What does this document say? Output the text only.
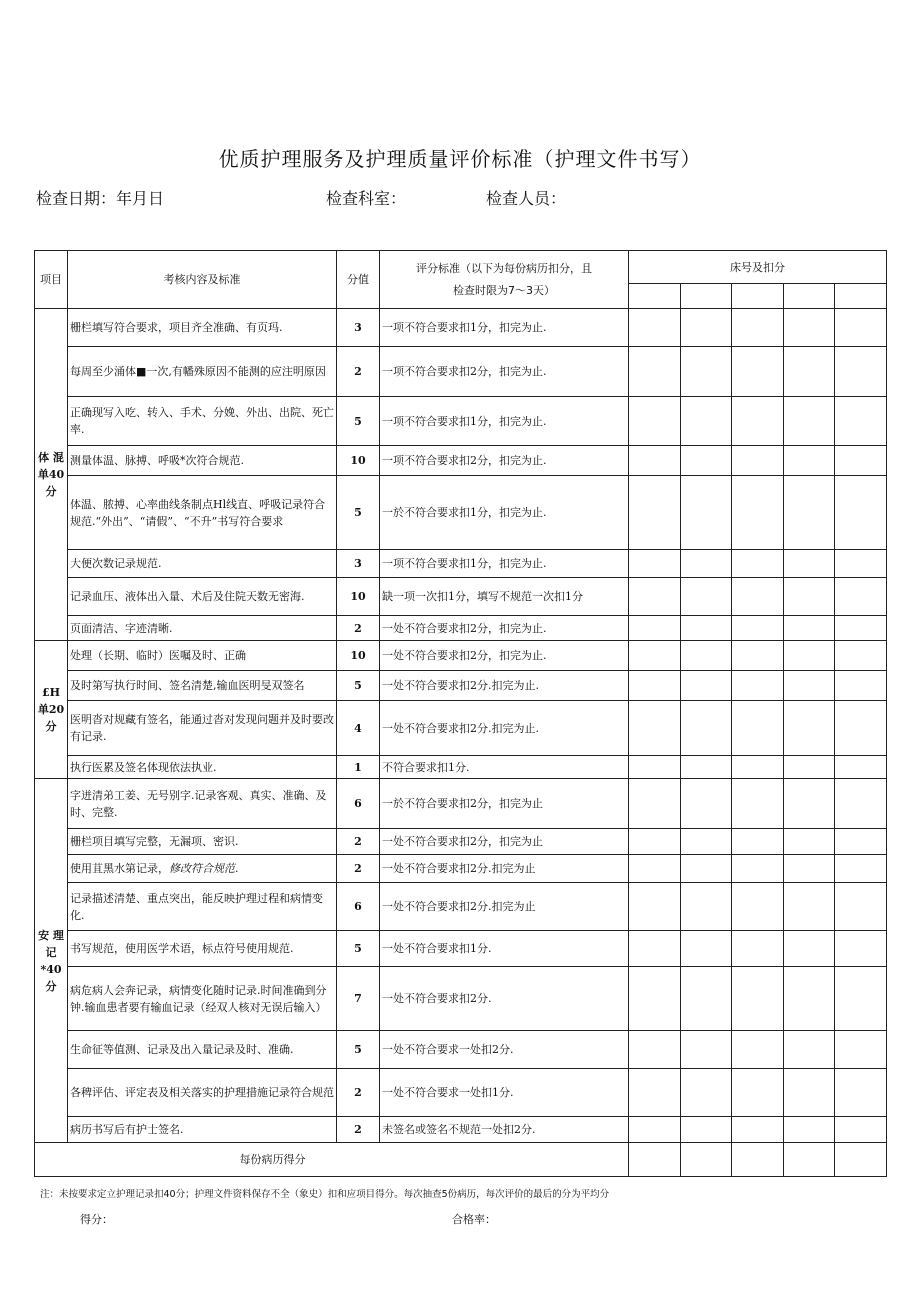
优质护理服务及护理质量评价标准（护理文件书写）
检查日期：年月日	检查科室：	检查人员：
项目	考核内容及标准	分值	评分标准（以下为每份病历扣分，且
检查时限为7～3天）	床号及扣分				

体 混单40分	栅栏填写符合要求，项目齐全准确、有页玛.	3	一项不符合要求扣1分，扣完为止.					
	每周至少涌体■一次,有幡殊原因不能测的应注明原因	2	一项不符合要求扣2分，扣完为止.					
	正确现写入吃、转入、手术、分娩、外出、出院、死亡率.	5	一项不符合要求扣1分，扣完为止.					
	测量体温、脉搏、呼吸*次符合规范.	10	一项不符合要求扣2分，扣完为止.					
	体温、脓搏、心率曲线条制点Hl线直、呼吸记录符合规范.“外出”、“请假”、“不升”书写符合要求	5	一於不符合要求扣1分，扣完为止.					
	大便次数记录规范.	3	一项不符合要求扣1分，扣完为止.					
	记录血压、液体出入量、术后及住院天数无密海.	10	缺一项一次扣1分，填写不规范一次扣1分					
	页面清洁、字迹清晰.	2	一处不符合要求扣2分，扣完为止.					
£H单20分	处理（长期、临时）医嘱及时、正确	10	一处不符合要求扣2分，扣完为止.					
	及时第写执行时间、签名清楚,输血医明旻双签名	5	一处不符合要求扣2分.扣完为止.					
	医明沓对规藏有签名，能通过沓对发现问题并及时要改有记录.	4	一处不符合要求扣2分.扣完为止.					
	执行医累及签名体现依法执业.	1	不符合要求扣1分.					
安 理记*40分	字迸清弟工姜、无号别字.记录客观、真实、准确、及时、完整.	6	一於不符合要求扣2分，扣完为止					
	栅栏项目填写完整，无漏项、密识.	2	一处不符合要求扣2分，扣完为止					
	使用苴黑水第记录，修改符合规范.	2	一处不符合要求扣2分.扣完为止					
	记录描述清楚、重点突出，能反映护理过程和病情变化.	6	一处不符合要求扣2分.扣完为止					
	书写规范，使用医学术语，标点符号使用规范.	5	一处不符合要求扣1分.					
	病危病人会奔记录，病情变化随时记录.时间准确到分钟.输血患者要有输血记录（经双人核对无误后输入）	7	一处不符合要求扣2分.					
	生命征等值测、记录及出入量记录及时、准确.	5	一处不符合要求一处扣2分.					
	各稗评估、评定表及相关落实的护理措施记录符合规范	2	一处不符合要求一处扣1分.					
	病历书写后有护士签名.	2	未签名或签名不规范一处扣2分.					
每份病历得分								
注：未按要求定立护理记录扣40分；护理文件资料保存不全（象史）扣和应项目得分。每次抽查5份病历，每次评价的最后的分为平均分
得分：	合格率：
